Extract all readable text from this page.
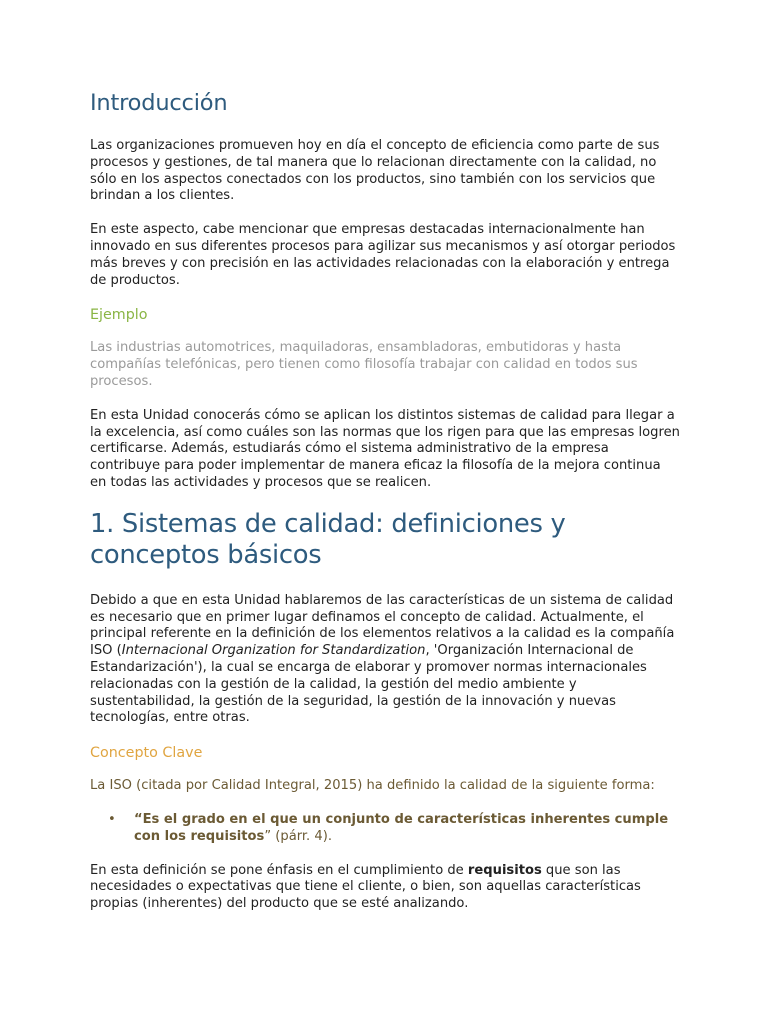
Introducción

Las organizaciones promueven hoy en día el concepto de eficiencia como parte de sus procesos y gestiones, de tal manera que lo relacionan directamente con la calidad, no sólo en los aspectos conectados con los productos, sino también con los servicios que brindan a los clientes.

En este aspecto, cabe mencionar que empresas destacadas internacionalmente han innovado en sus diferentes procesos para agilizar sus mecanismos y así otorgar periodos más breves y con precisión en las actividades relacionadas con la elaboración y entrega de productos.

Ejemplo

Las industrias automotrices, maquiladoras, ensambladoras, embutidoras y hasta compañías telefónicas, pero tienen como filosofía trabajar con calidad en todos sus procesos.

En esta Unidad conocerás cómo se aplican los distintos sistemas de calidad para llegar a la excelencia, así como cuáles son las normas que los rigen para que las empresas logren certificarse. Además, estudiarás cómo el sistema administrativo de la empresa contribuye para poder implementar de manera eficaz la filosofía de la mejora continua en todas las actividades y procesos que se realicen.

1. Sistemas de calidad: definiciones y conceptos básicos

Debido a que en esta Unidad hablaremos de las características de un sistema de calidad es necesario que en primer lugar definamos el concepto de calidad. Actualmente, el principal referente en la definición de los elementos relativos a la calidad es la compañía ISO (Internacional Organization for Standardization, 'Organización Internacional de Estandarización'), la cual se encarga de elaborar y promover normas internacionales relacionadas con la gestión de la calidad, la gestión del medio ambiente y sustentabilidad, la gestión de la seguridad, la gestión de la innovación y nuevas tecnologías, entre otras.

Concepto Clave

La ISO (citada por Calidad Integral, 2015) ha definido la calidad de la siguiente forma:

• “Es el grado en el que un conjunto de características inherentes cumple con los requisitos” (párr. 4).

En esta definición se pone énfasis en el cumplimiento de requisitos que son las necesidades o expectativas que tiene el cliente, o bien, son aquellas características propias (inherentes) del producto que se esté analizando.
